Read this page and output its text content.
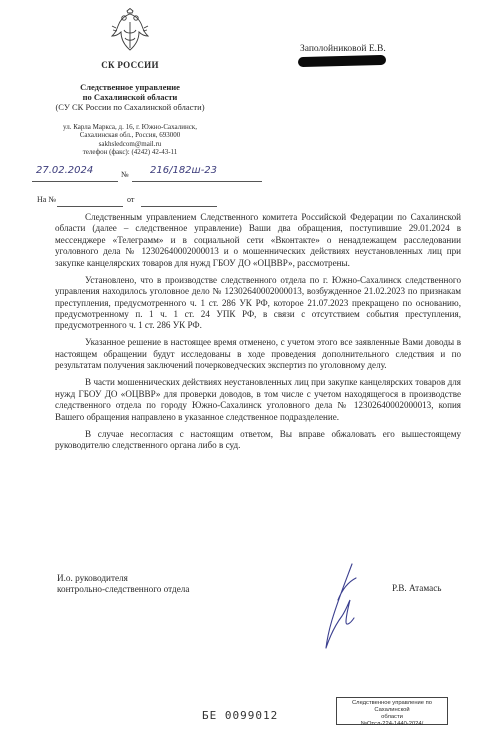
СК РОССИИ
Следственное управление
по Сахалинской области
(СУ СК России по Сахалинской области)
ул. Карла Маркса, д. 16, г. Южно-Сахалинск,
Сахалинская обл., Россия, 693000
sakhsledcom@mail.ru
телефон (факс): (4242) 42-43-11
27.02.2024	№ 216/182ш-23
На №	от
Заполойниковой Е.В.

Следственным управлением Следственного комитета Российской Федерации по Сахалинской области (далее – следственное управление) Ваши два обращения, поступившие 29.01.2024 в мессенджере «Телеграмм» и в социальной сети «Вконтакте» о ненадлежащем расследовании уголовного дела № 12302640002000013 и о мошеннических действиях неустановленных лиц при закупке канцелярских товаров для нужд ГБОУ ДО «ОЦВВР», рассмотрены.

Установлено, что в производстве следственного отдела по г. Южно-Сахалинск следственного управления находилось уголовное дело № 12302640002000013, возбужденное 21.02.2023 по признакам преступления, предусмотренного ч. 1 ст. 286 УК РФ, которое 21.07.2023 прекращено по основанию, предусмотренному п. 1 ч. 1 ст. 24 УПК РФ, в связи с отсутствием события преступления, предусмотренного ч. 1 ст. 286 УК РФ.

Указанное решение в настоящее время отменено, с учетом этого все заявленные Вами доводы в настоящем обращении будут исследованы в ходе проведения дополнительного следствия и по результатам получения заключений почерковедческих экспертиз по уголовному делу.

В части мошеннических действиях неустановленных лиц при закупке канцелярских товаров для нужд ГБОУ ДО «ОЦВВР» для проверки доводов, в том числе с учетом находящегося в производстве следственного отдела по городу Южно-Сахалинск уголовного дела № 12302640002000013, копия Вашего обращения направлено в указанное следственное подразделение.

В случае несогласия с настоящим ответом, Вы вправе обжаловать его вышестоящему руководителю следственного органа либо в суд.

И.о. руководителя
контрольно-следственного отдела	Р.В. Атамась
БЕ 0099012
Следственное управление по Сахалинской
области
№Отсл-224-1440-2024/
